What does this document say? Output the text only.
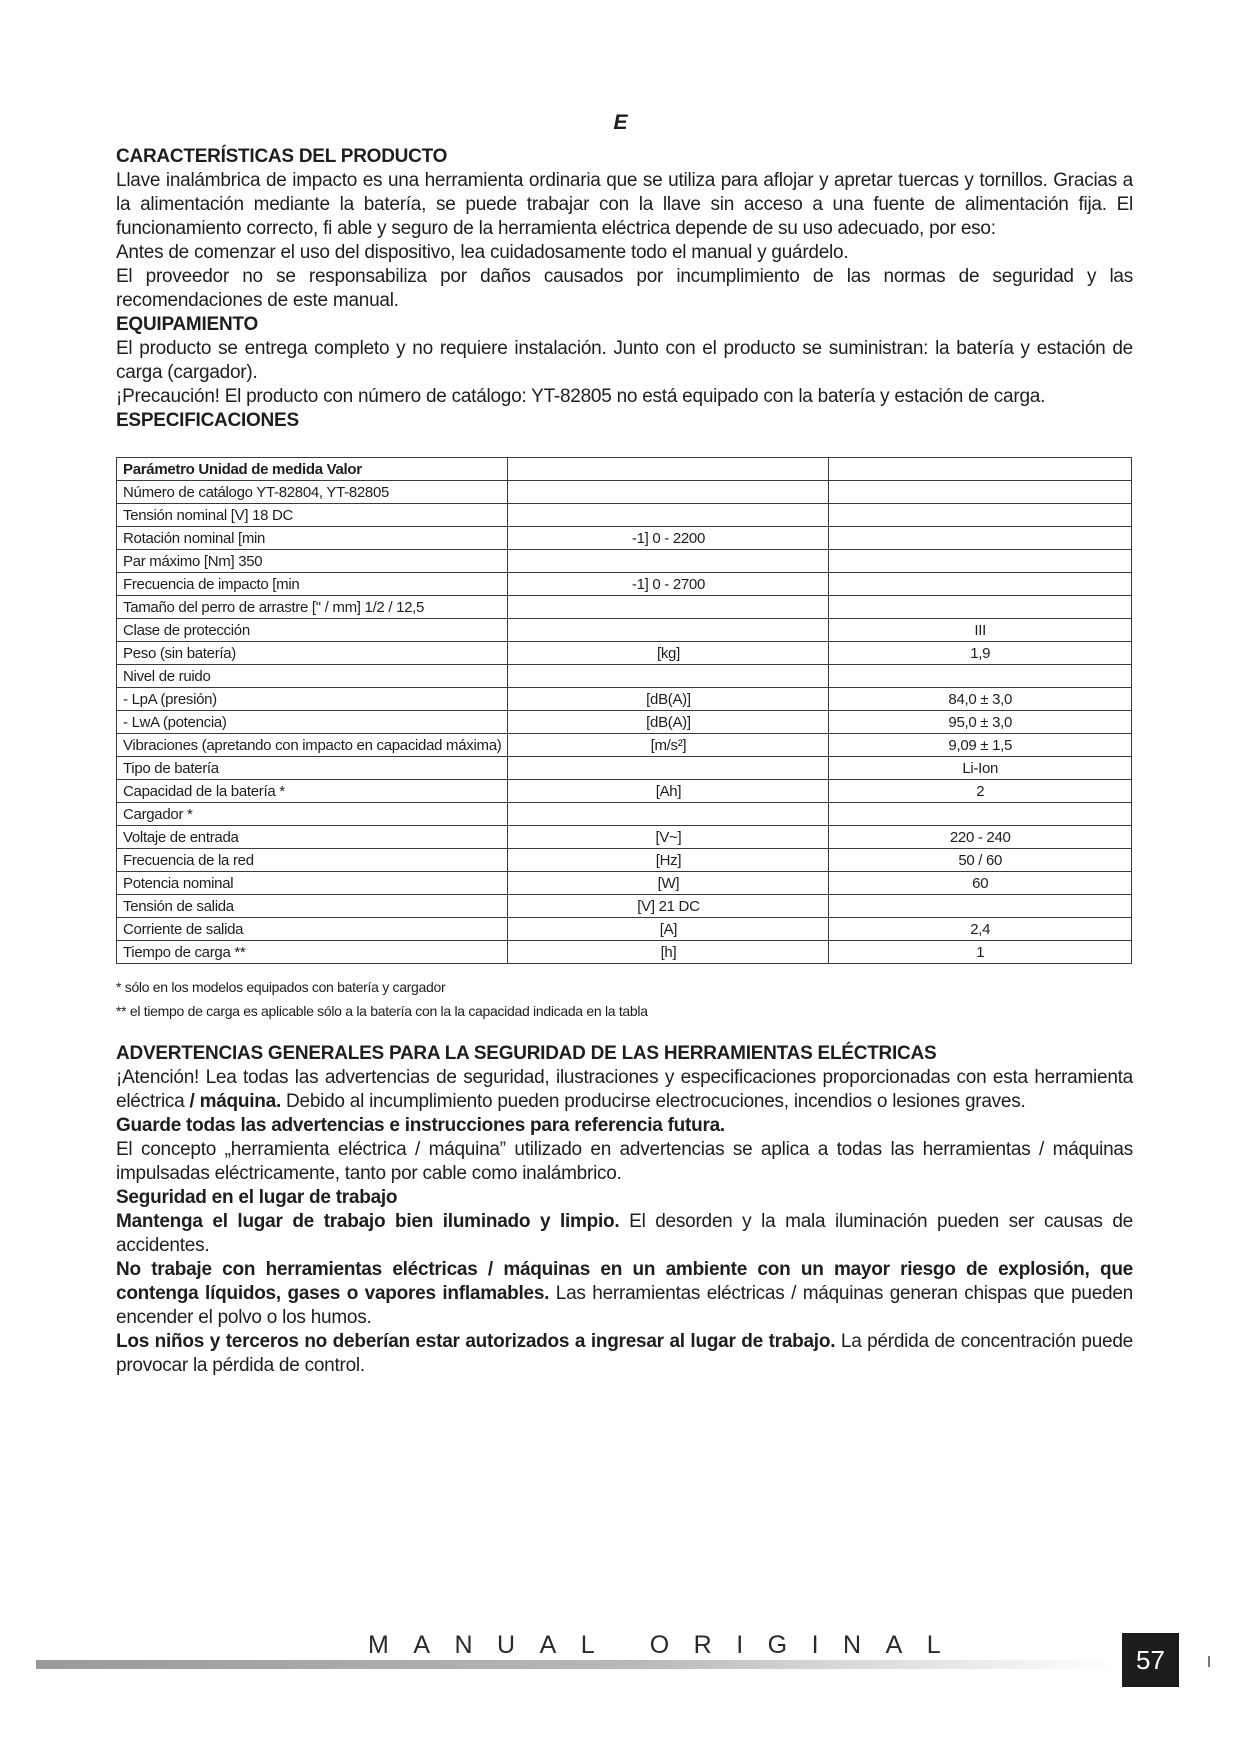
E
CARACTERÍSTICAS DEL PRODUCTO

Llave inalámbrica de impacto es una herramienta ordinaria que se utiliza para aflojar y apretar tuercas y tornillos. Gracias a la alimentación mediante la batería, se puede trabajar con la llave sin acceso a una fuente de alimentación fija. El funcionamiento correcto, fi able y seguro de la herramienta eléctrica depende de su uso adecuado, por eso:

Antes de comenzar el uso del dispositivo, lea cuidadosamente todo el manual y guárdelo.

El proveedor no se responsabiliza por daños causados por incumplimiento de las normas de seguridad y las recomendaciones de este manual.

EQUIPAMIENTO

El producto se entrega completo y no requiere instalación. Junto con el producto se suministran: la batería y estación de carga (cargador).

¡Precaución! El producto con número de catálogo: YT-82805 no está equipado con la batería y estación de carga.

ESPECIFICACIONES
Parámetro Unidad de medida Valor		
Número de catálogo YT-82804, YT-82805		
Tensión nominal [V] 18 DC		
Rotación nominal [min	-1] 0 - 2200	
Par máximo [Nm] 350		
Frecuencia de impacto [min	-1] 0 - 2700	
Tamaño del perro de arrastre [" / mm] 1/2 / 12,5		
Clase de protección		III
Peso (sin batería)	[kg]	1,9
Nivel de ruido		
- LpA (presión)	[dB(A)]	84,0 ± 3,0
- LwA (potencia)	[dB(A)]	95,0 ± 3,0
Vibraciones (apretando con impacto en capacidad máxima)	[m/s²]	9,09 ± 1,5
Tipo de batería		Li-Ion
Capacidad de la batería *	[Ah]	2
Cargador *		
Voltaje de entrada	[V~]	220 - 240
Frecuencia de la red	[Hz]	50 / 60
Potencia nominal	[W]	60
Tensión de salida	[V] 21 DC	
Corriente de salida	[A]	2,4
Tiempo de carga **	[h]	1
* sólo en los modelos equipados con batería y cargador
** el tiempo de carga es aplicable sólo a la batería con la la capacidad indicada en la tabla
ADVERTENCIAS GENERALES PARA LA SEGURIDAD DE LAS HERRAMIENTAS ELÉCTRICAS

¡Atención! Lea todas las advertencias de seguridad, ilustraciones y especificaciones proporcionadas con esta herramienta eléctrica / máquina. Debido al incumplimiento pueden producirse electrocuciones, incendios o lesiones graves.

Guarde todas las advertencias e instrucciones para referencia futura.

El concepto „herramienta eléctrica / máquina” utilizado en advertencias se aplica a todas las herramientas / máquinas impulsadas eléctricamente, tanto por cable como inalámbrico.

Seguridad en el lugar de trabajo

Mantenga el lugar de trabajo bien iluminado y limpio. El desorden y la mala iluminación pueden ser causas de accidentes.

No trabaje con herramientas eléctricas / máquinas en un ambiente con un mayor riesgo de explosión, que contenga líquidos, gases o vapores inflamables. Las herramientas eléctricas / máquinas generan chispas que pueden encender el polvo o los humos.

Los niños y terceros no deberían estar autorizados a ingresar al lugar de trabajo. La pérdida de concentración puede provocar la pérdida de control.

MANUAL ORIGINAL	57
